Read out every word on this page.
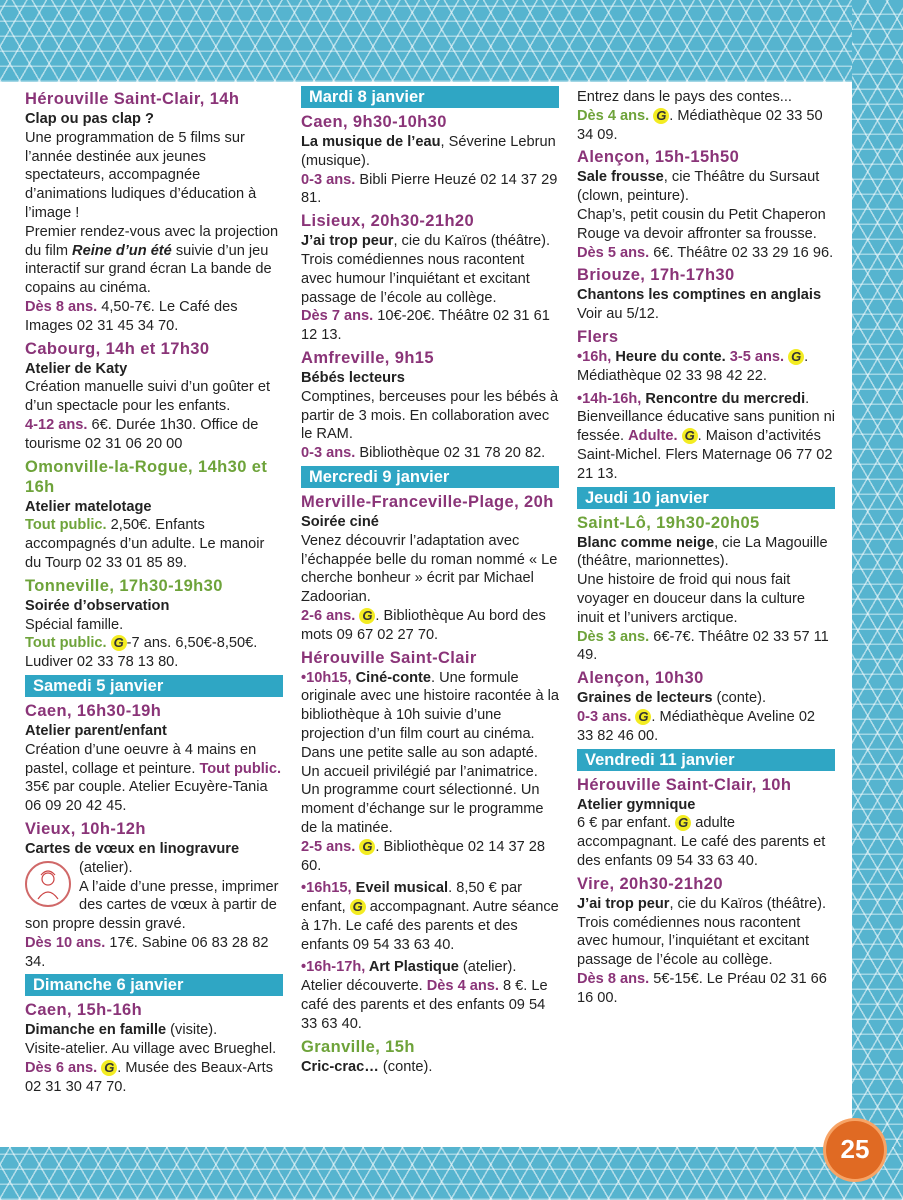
Hérouville Saint-Clair, 14h

Clap ou pas clap ?

Une programmation de 5 films sur l’année destinée aux jeunes spectateurs, accompagnée d’animations ludiques d’éducation à l’image !

Premier rendez-vous avec la projection du film Reine d’un été suivie d’un jeu interactif sur grand écran La bande de copains au cinéma.

Dès 8 ans. 4,50-7€. Le Café des Images 02 31 45 34 70.

Cabourg, 14h et 17h30

Atelier de Katy

Création manuelle suivi d’un goûter et d’un spectacle pour les enfants.

4-12 ans. 6€. Durée 1h30. Office de tourisme 02 31 06 20 00

Omonville-la-Rogue, 14h30 et 16h

Atelier matelotage

Tout public. 2,50€. Enfants accompagnés d’un adulte. Le manoir du Tourp 02 33 01 85 89.

Tonneville, 17h30-19h30

Soirée d’observation

Spécial famille.

Tout public. G -7 ans. 6,50€-8,50€. Ludiver 02 33 78 13 80.

Samedi 5 janvier
Caen, 16h30-19h

Atelier parent/enfant

Création d’une oeuvre à 4 mains en pastel, collage et peinture. Tout public. 35€ par couple. Atelier Ecuyère-Tania 06 09 20 42 45.

Vieux, 10h-12h

Cartes de vœux en linogravure

(atelier).

A l’aide d’une presse, imprimer des cartes de vœux à partir de son propre dessin gravé.

Dès 10 ans. 17€. Sabine 06 83 28 82 34.

Dimanche 6 janvier
Caen, 15h-16h

Dimanche en famille (visite).

Visite-atelier. Au village avec Brueghel.

Dès 6 ans. G . Musée des Beaux-Arts 02 31 30 47 70.

Mardi 8 janvier
Caen, 9h30-10h30

La musique de l’eau, Séverine Lebrun (musique).

0-3 ans. Bibli Pierre Heuzé 02 14 37 29 81.

Lisieux, 20h30-21h20

J’ai trop peur, cie du Kaïros (théâtre).

Trois comédiennes nous racontent avec humour l’inquiétant et excitant passage de l’école au collège.

Dès 7 ans. 10€-20€. Théâtre 02 31 61 12 13.

Amfreville, 9h15

Bébés lecteurs

Comptines, berceuses pour les bébés à partir de 3 mois. En collaboration avec le RAM.

0-3 ans. Bibliothèque 02 31 78 20 82.

Mercredi 9 janvier
Merville-Franceville-Plage, 20h

Soirée ciné

Venez découvrir l’adaptation avec l’échappée belle du roman nommé « Le cherche bonheur » écrit par Michael Zadoorian.

2-6 ans. G . Bibliothèque Au bord des mots 09 67 02 27 70.

Hérouville Saint-Clair

•10h15, Ciné-conte. Une formule originale avec une histoire racontée à la bibliothèque à 10h suivie d’une projection d’un film court au cinéma. Dans une petite salle au son adapté. Un accueil privilégié par l’animatrice. Un programme court sélectionné. Un moment d’échange sur le programme de la matinée.

2-5 ans. G . Bibliothèque 02 14 37 28 60.

•16h15, Eveil musical. 8,50 € par enfant, G accompagnant. Autre séance à 17h. Le café des parents et des enfants 09 54 33 63 40.

•16h-17h, Art Plastique (atelier). Atelier découverte. Dès 4 ans. 8 €. Le café des parents et des enfants 09 54 33 63 40.

Granville, 15h

Cric-crac… (conte).

Entrez dans le pays des contes...

Dès 4 ans. G . Médiathèque 02 33 50 34 09.

Alençon, 15h-15h50

Sale frousse, cie Théâtre du Sursaut (clown, peinture).

Chap’s, petit cousin du Petit Chaperon Rouge va devoir affronter sa frousse.

Dès 5 ans. 6€. Théâtre 02 33 29 16 96.

Briouze, 17h-17h30

Chantons les comptines en anglais

Voir au 5/12.

Flers

•16h, Heure du conte. 3-5 ans. G . Médiathèque 02 33 98 42 22.

•14h-16h, Rencontre du mercredi. Bienveillance éducative sans punition ni fessée. Adulte. G . Maison d’activités Saint-Michel. Flers Maternage 06 77 02 21 13.

Jeudi 10 janvier
Saint-Lô, 19h30-20h05

Blanc comme neige, cie La Magouille (théâtre, marionnettes).

Une histoire de froid qui nous fait voyager en douceur dans la culture inuit et l’univers arctique.

Dès 3 ans. 6€-7€. Théâtre 02 33 57 11 49.

Alençon, 10h30

Graines de lecteurs (conte).

0-3 ans. G . Médiathèque Aveline 02 33 82 46 00.

Vendredi 11 janvier
Hérouville Saint-Clair, 10h

Atelier gymnique

6 € par enfant. G adulte accompagnant. Le café des parents et des enfants 09 54 33 63 40.

Vire, 20h30-21h20

J’ai trop peur, cie du Kaïros (théâtre).

Trois comédiennes nous racontent avec humour, l’inquiétant et excitant passage de l’école au collège.

Dès 8 ans. 5€-15€. Le Préau 02 31 66 16 00.

25
